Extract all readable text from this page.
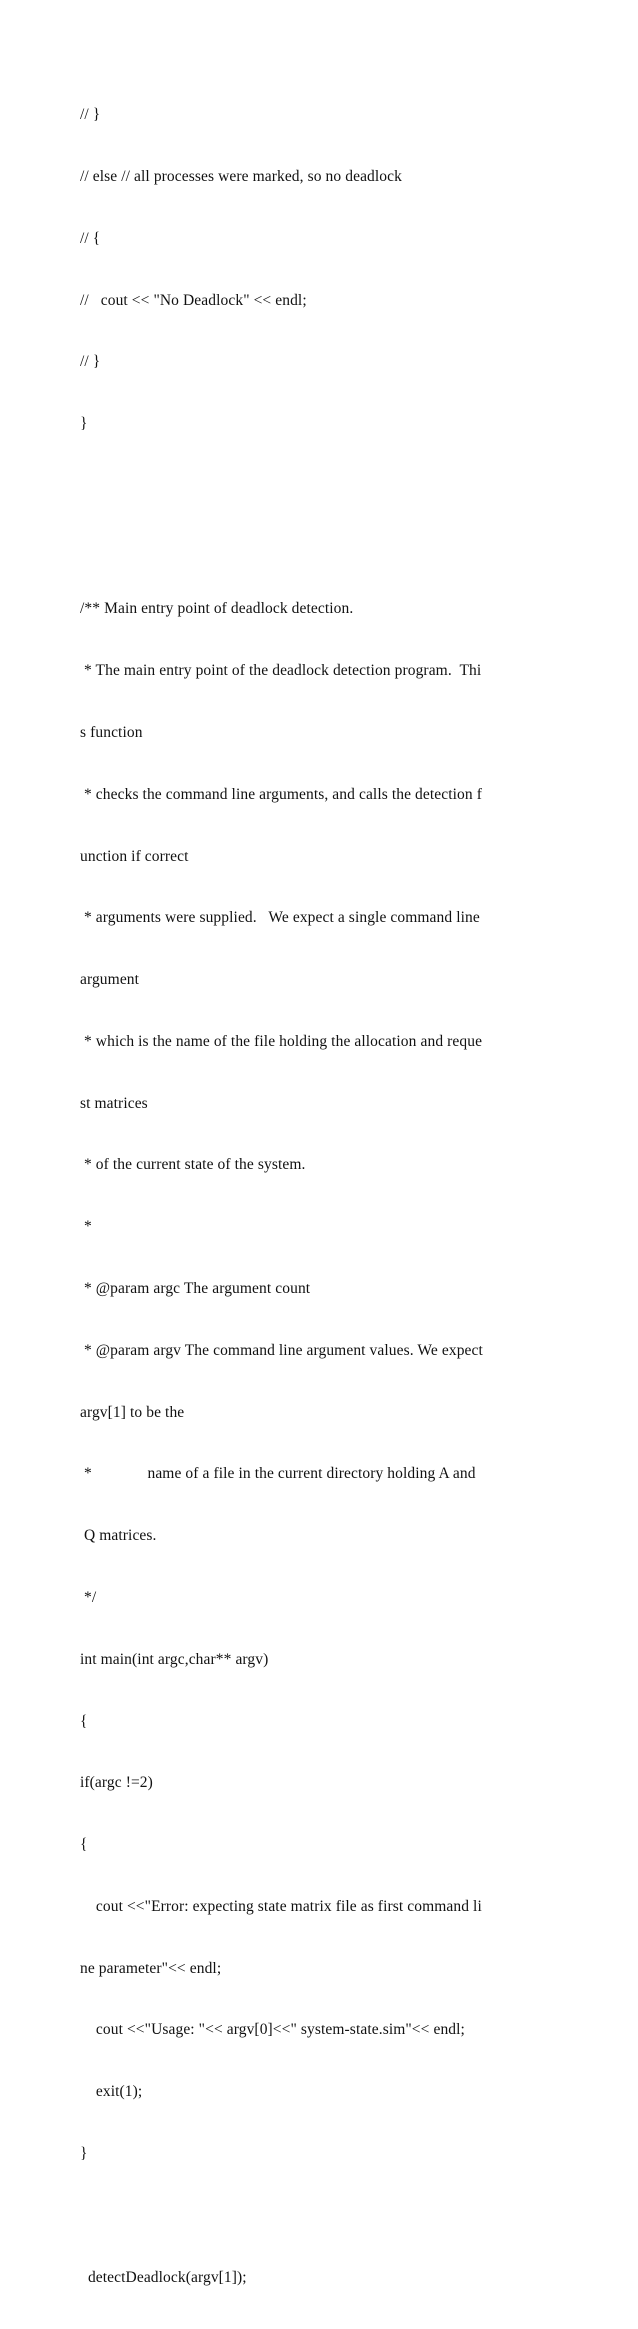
// }

// else // all processes were marked, so no deadlock

// {

//   cout << "No Deadlock" << endl;

// }

}

/** Main entry point of deadlock detection.

* The main entry point of the deadlock detection program.  Thi

s function

* checks the command line arguments, and calls the detection f

unction if correct

* arguments were supplied.   We expect a single command line

argument

* which is the name of the file holding the allocation and reque

st matrices

* of the current state of the system.

*

* @param argc The argument count

* @param argv The command line argument values. We expect

argv[1] to be the

*              name of a file in the current directory holding A and

Q matrices.

*/

int main(int argc,char** argv)

{

if(argc !=2)

{

cout <<"Error: expecting state matrix file as first command li

ne parameter"<< endl;

cout <<"Usage: "<< argv[0]<<" system-state.sim"<< endl;

exit(1);

}

detectDeadlock(argv[1]);
